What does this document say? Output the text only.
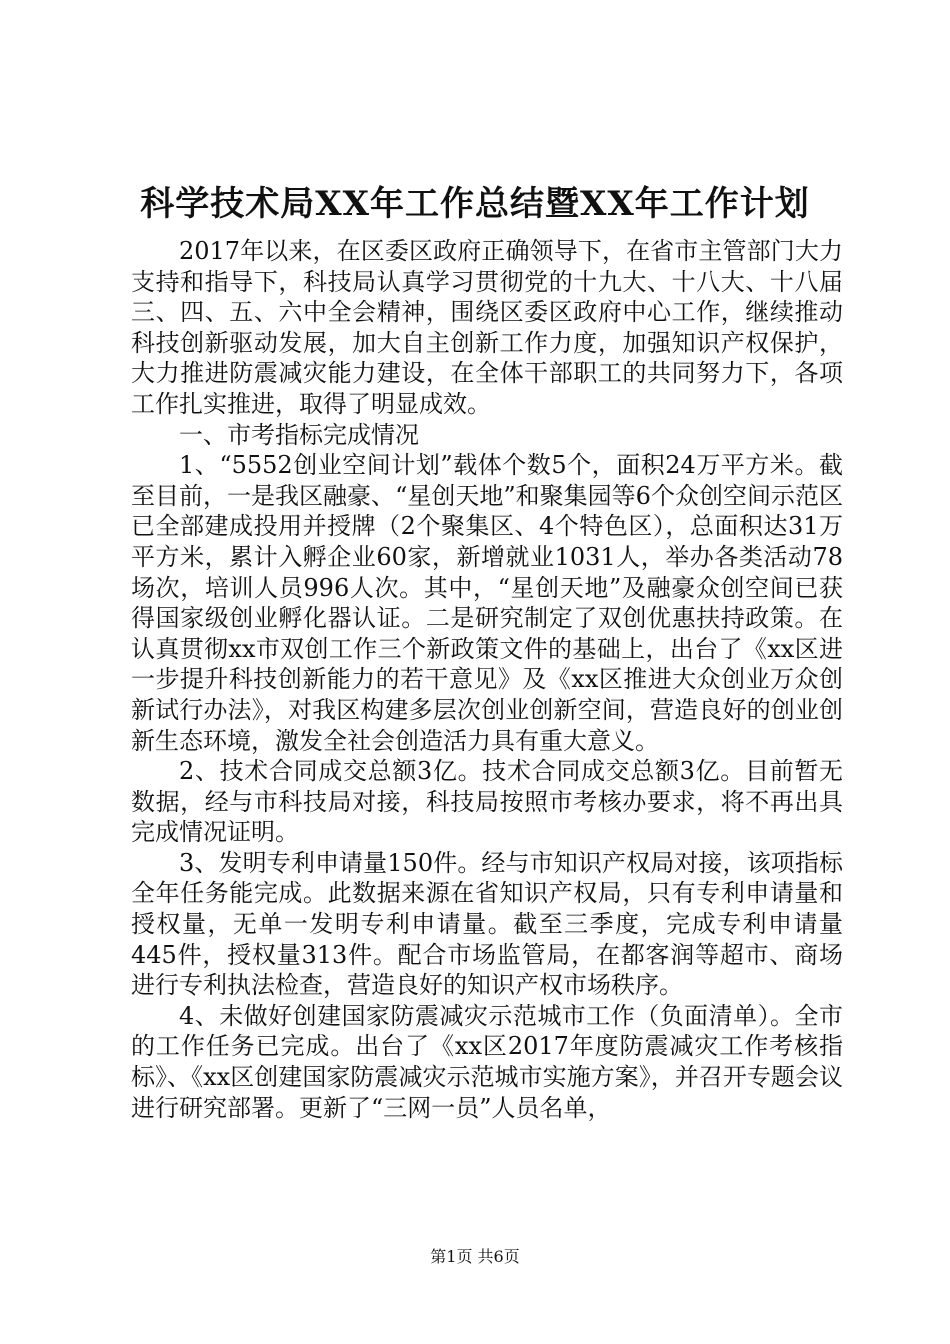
科学技术局XX年工作总结暨XX年工作计划

2017年以来，在区委区政府正确领导下，在省市主管部门大力支持和指导下，科技局认真学习贯彻党的十九大、十八大、十八届三、四、五、六中全会精神，围绕区委区政府中心工作，继续推动科技创新驱动发展，加大自主创新工作力度，加强知识产权保护，大力推进防震减灾能力建设，在全体干部职工的共同努力下，各项工作扎实推进，取得了明显成效。

一、市考指标完成情况

1、“5552创业空间计划”载体个数5个，面积24万平方米。截至目前，一是我区融豪、“星创天地”和聚集园等6个众创空间示范区已全部建成投用并授牌（2个聚集区、4个特色区），总面积达31万平方米，累计入孵企业60家，新增就业1031人，举办各类活动78场次，培训人员996人次。其中，“星创天地”及融豪众创空间已获得国家级创业孵化器认证。二是研究制定了双创优惠扶持政策。在认真贯彻xx市双创工作三个新政策文件的基础上，出台了《xx区进一步提升科技创新能力的若干意见》及《xx区推进大众创业万众创新试行办法》，对我区构建多层次创业创新空间，营造良好的创业创新生态环境，激发全社会创造活力具有重大意义。

2、技术合同成交总额3亿。技术合同成交总额3亿。目前暂无数据，经与市科技局对接，科技局按照市考核办要求，将不再出具完成情况证明。

3、发明专利申请量150件。经与市知识产权局对接，该项指标全年任务能完成。此数据来源在省知识产权局，只有专利申请量和授权量，无单一发明专利申请量。截至三季度，完成专利申请量445件，授权量313件。配合市场监管局，在都客润等超市、商场进行专利执法检查，营造良好的知识产权市场秩序。

4、未做好创建国家防震减灾示范城市工作（负面清单）。全市的工作任务已完成。出台了《xx区2017年度防震减灾工作考核指标》、《xx区创建国家防震减灾示范城市实施方案》，并召开专题会议进行研究部署。更新了“三网一员”人员名单，

第1页 共6页
